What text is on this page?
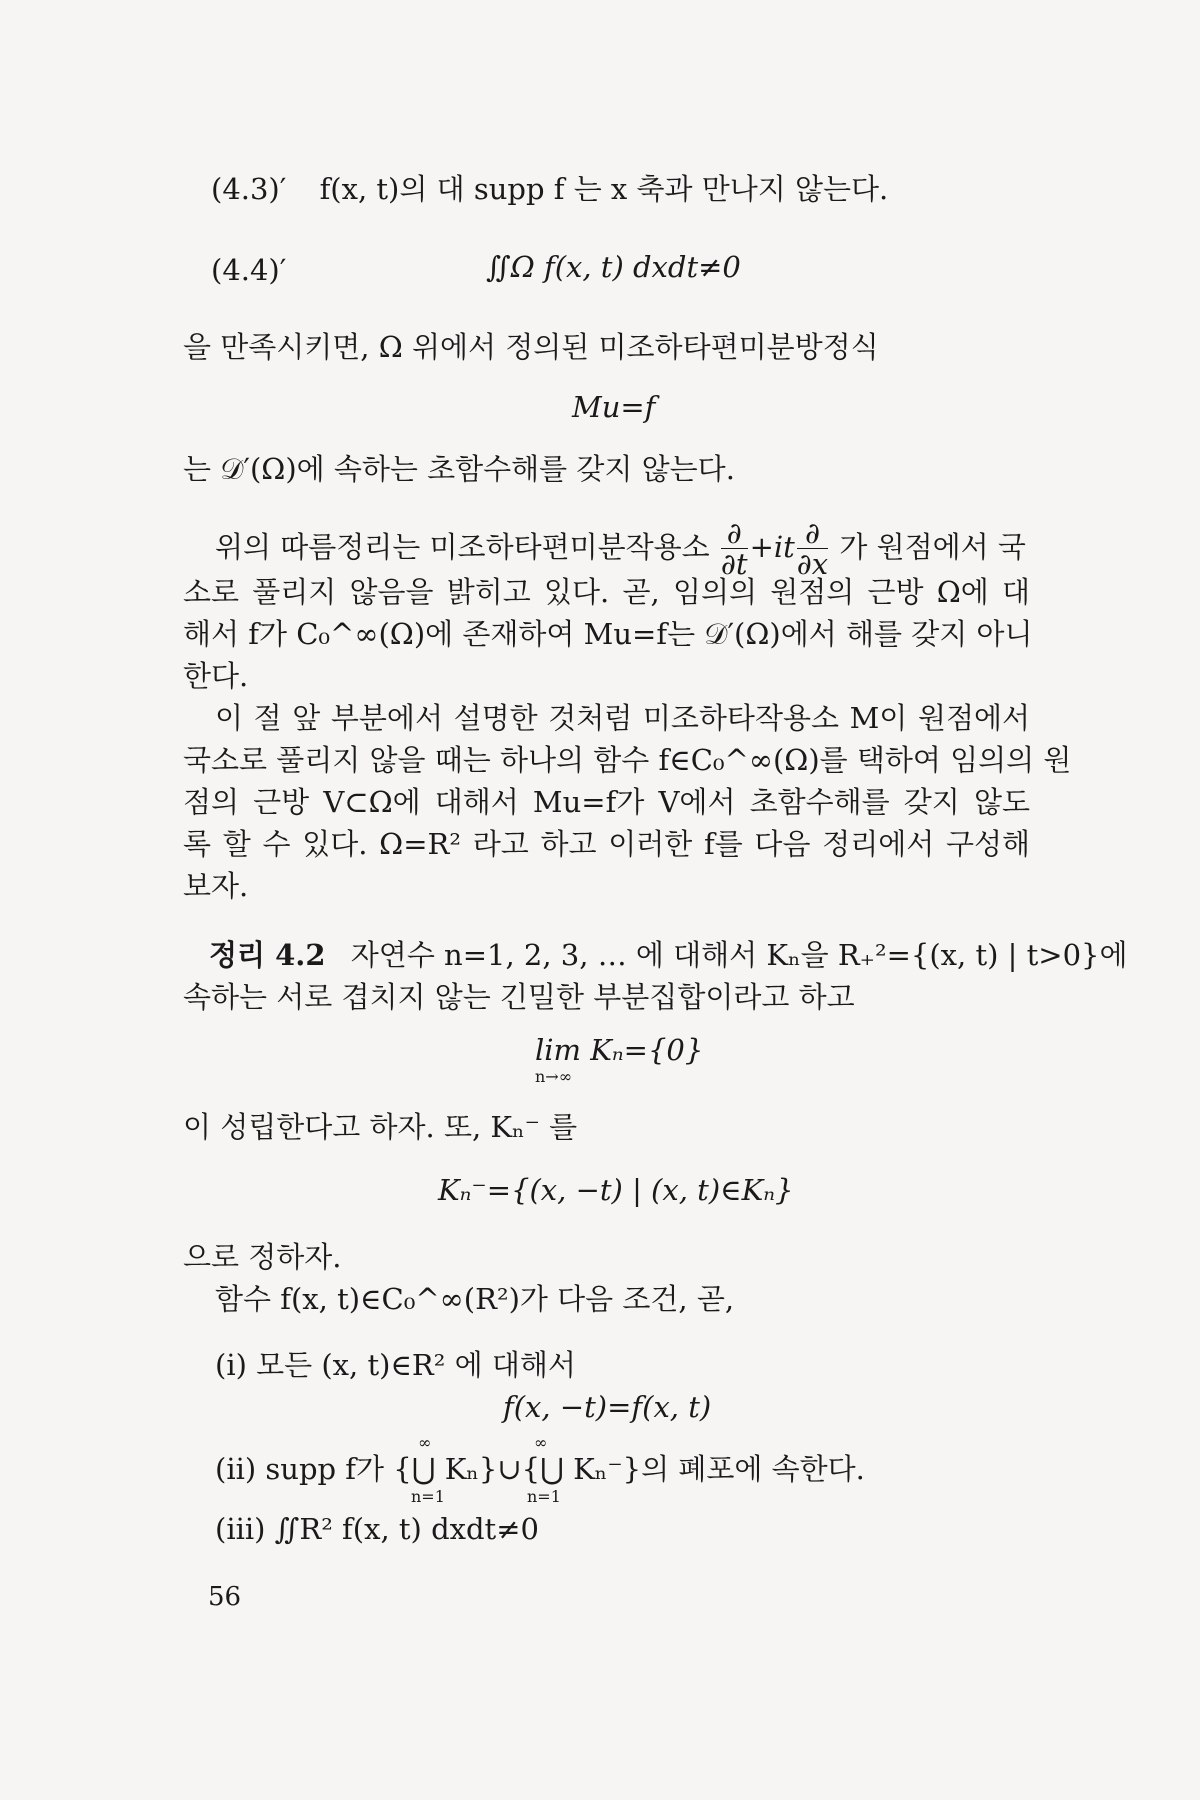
(4.3)′ f(x, t)의 대 supp f 는 x 축과 만나지 않는다.
(4.4)′	∬Ω f(x, t) dxdt≠0
을 만족시키면, Ω 위에서 정의된 미조하타편미분방정식
Mu=f
는 𝒟′(Ω)에 속하는 초함수해를 갖지 않는다.
위의 따름정리는 미조하타편미분작용소 $\frac{\partial}{\partial t} +it \frac{\partial}{\partial x}$ 가 원점에서 국
소로 풀리지 않음을 밝히고 있다. 곧, 임의의 원점의 근방 Ω에 대
해서 f가 C₀^∞(Ω)에 존재하여 Mu=f는 𝒟′(Ω)에서 해를 갖지 아니
한다.
이 절 앞 부분에서 설명한 것처럼 미조하타작용소 M이 원점에서
국소로 풀리지 않을 때는 하나의 함수 f∈C₀^∞(Ω)를 택하여 임의의 원
점의 근방 V⊂Ω에 대해서 Mu=f가 V에서 초함수해를 갖지 않도
록 할 수 있다. Ω=R² 라고 하고 이러한 f를 다음 정리에서 구성해
보자.
정리 4.2 자연수 n=1, 2, 3, … 에 대해서 Kₙ을 R₊²={(x, t) | t>0}에
속하는 서로 겹치지 않는 긴밀한 부분집합이라고 하고
lim Kₙ={0}
n→∞
이 성립한다고 하자. 또, Kₙ⁻ 를
Kₙ⁻={(x, −t) | (x, t)∈Kₙ}
으로 정하자.
함수 f(x, t)∈C₀^∞(R²)가 다음 조건, 곧,
(i) 모든 (x, t)∈R² 에 대해서
f(x, −t)=f(x, t)
(ii) supp f가 {⋃ Kₙ}∪{⋃ Kₙ⁻}의 폐포에 속한다.
∞
n=1
∞
n=1
(iii) ∬R² f(x, t) dxdt≠0
56
